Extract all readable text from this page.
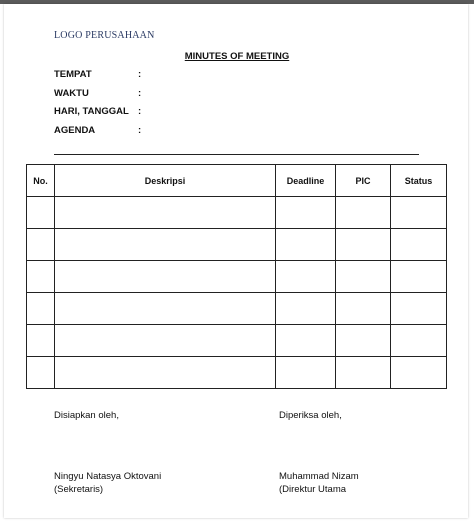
LOGO PERUSAHAAN
MINUTES OF MEETING
TEMPAT	:
WAKTU	:
HARI, TANGGAL :
AGENDA	:
No.	Deskripsi	Deadline	PIC	Status

Disiapkan oleh,	Diperiksa oleh,
Ningyu Natasya Oktovani
(Sekretaris)
Muhammad Nizam
(Direktur Utama
